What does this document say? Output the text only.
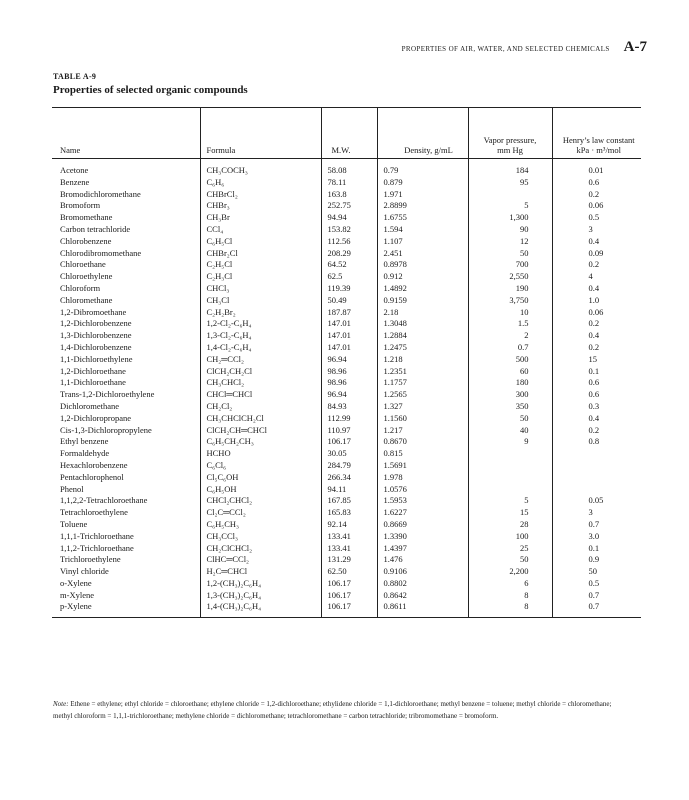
PROPERTIES OF AIR, WATER, AND SELECTED CHEMICALS A-7
TABLE A-9
Properties of selected organic compounds
Name	Formula	M.W.	Density, g/mL	Vapor pressure, mm Hg	Henry’s law constant kPa · m³/mol
Acetone	CH₃COCH₃	58.08	0.79	184	0.01
Benzene	C₆H₆	78.11	0.879	95	0.6
Bromodichloromethane	CHBrCl₂	163.8	1.971		0.2
Bromoform	CHBr₃	252.75	2.8899	5	0.06
Bromomethane	CH₃Br	94.94	1.6755	1,300	0.5
Carbon tetrachloride	CCl₄	153.82	1.594	90	3
Chlorobenzene	C₆H₅Cl	112.56	1.107	12	0.4
Chlorodibromomethane	CHBr₂Cl	208.29	2.451	50	0.09
Chloroethane	C₂H₅Cl	64.52	0.8978	700	0.2
Chloroethylene	C₂H₃Cl	62.5	0.912	2,550	4
Chloroform	CHCl₃	119.39	1.4892	190	0.4
Chloromethane	CH₃Cl	50.49	0.9159	3,750	1.0
1,2-Dibromoethane	C₂H₂Br₂	187.87	2.18	10	0.06
1,2-Dichlorobenzene	1,2-Cl₂-C₆H₄	147.01	1.3048	1.5	0.2
1,3-Dichlorobenzene	1,3-Cl₂-C₆H₄	147.01	1.2884	2	0.4
1,4-Dichlorobenzene	1,4-Cl₂-C₆H₄	147.01	1.2475	0.7	0.2
1,1-Dichloroethylene	CH₂═CCl₂	96.94	1.218	500	15
1,2-Dichloroethane	ClCH₂CH₂Cl	98.96	1.2351	60	0.1
1,1-Dichloroethane	CH₃CHCl₂	98.96	1.1757	180	0.6
Trans-1,2-Dichloroethylene	CHCl═CHCl	96.94	1.2565	300	0.6
Dichloromethane	CH₂Cl₂	84.93	1.327	350	0.3
1,2-Dichloropropane	CH₃CHClCH₂Cl	112.99	1.1560	50	0.4
Cis-1,3-Dichloropropylene	ClCH₂CH═CHCl	110.97	1.217	40	0.2
Ethyl benzene	C₆H₅CH₂CH₃	106.17	0.8670	9	0.8
Formaldehyde	HCHO	30.05	0.815		
Hexachlorobenzene	C₆Cl₆	284.79	1.5691		
Pentachlorophenol	Cl₅C₆OH	266.34	1.978		
Phenol	C₆H₅OH	94.11	1.0576		
1,1,2,2-Tetrachloroethane	CHCl₂CHCl₂	167.85	1.5953	5	0.05
Tetrachloroethylene	Cl₂C═CCl₂	165.83	1.6227	15	3
Toluene	C₆H₅CH₃	92.14	0.8669	28	0.7
1,1,1-Trichloroethane	CH₃CCl₃	133.41	1.3390	100	3.0
1,1,2-Trichloroethane	CH₂ClCHCl₂	133.41	1.4397	25	0.1
Trichloroethylene	ClHC═CCl₂	131.29	1.476	50	0.9
Vinyl chloride	H₂C═CHCl	62.50	0.9106	2,200	50
o-Xylene	1,2-(CH₃)₂C₆H₄	106.17	0.8802	6	0.5
m-Xylene	1,3-(CH₃)₂C₆H₄	106.17	0.8642	8	0.7
p-Xylene	1,4-(CH₃)₂C₆H₄	106.17	0.8611	8	0.7
Note: Ethene = ethylene; ethyl chloride = chloroethane; ethylene chloride = 1,2-dichloroethane; ethylidene chloride = 1,1-dichloroethane; methyl benzene = toluene; methyl chloride = chloromethane; methyl chloroform = 1,1,1-trichloroethane; methylene chloride = dichloromethane; tetrachloromethane = carbon tetrachloride; tribromomethane = bromoform.
